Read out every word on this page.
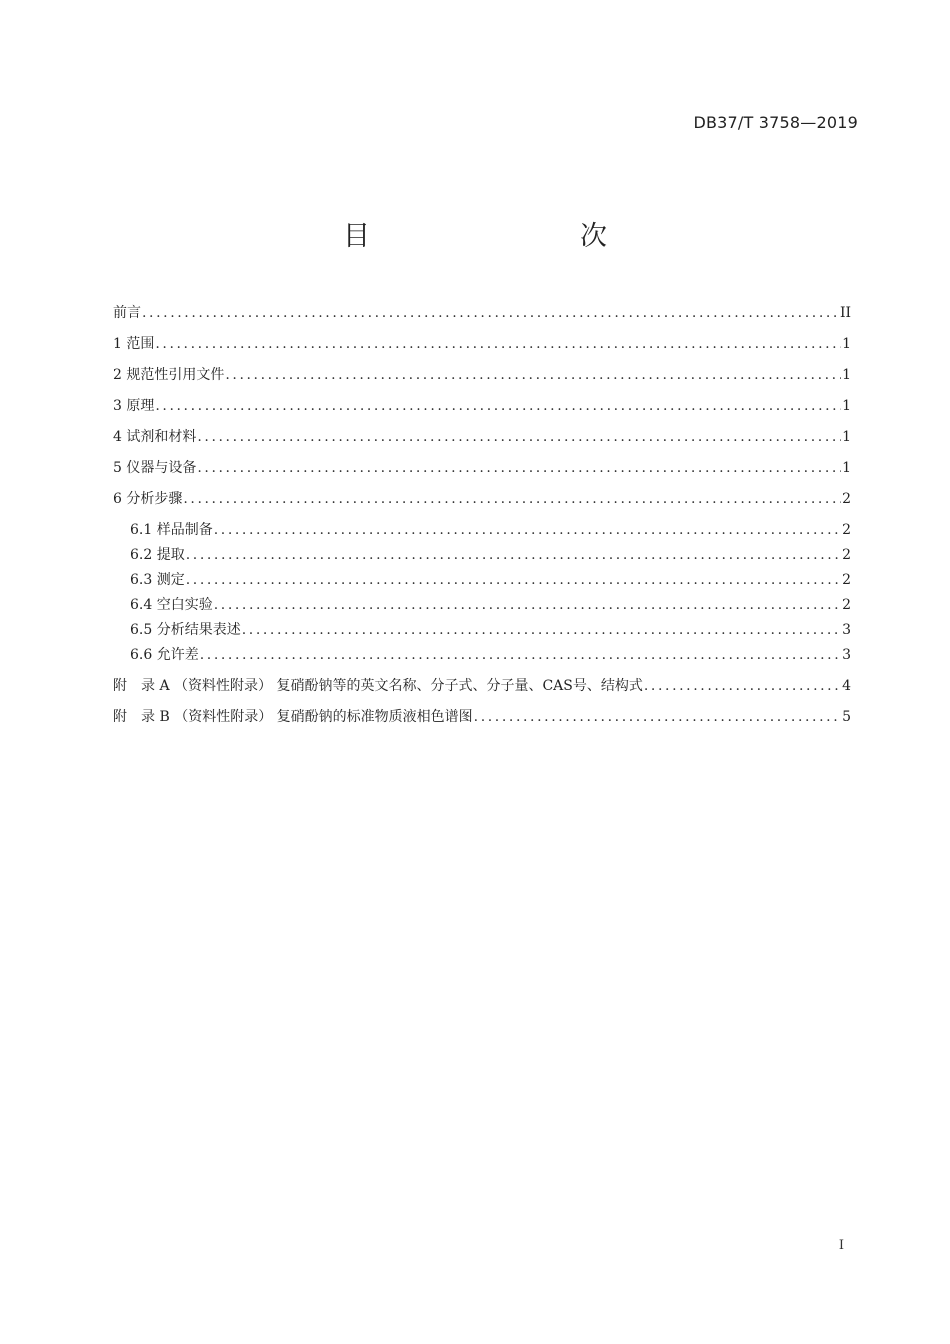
DB37/T 3758—2019
目　　次
前言 .....	II
1 范围 .....	1
2 规范性引用文件 .....	1
3 原理 .....	1
4 试剂和材料 .....	1
5 仪器与设备 .....	1
6 分析步骤 .....	2
6.1 样品制备 .....	2
6.2 提取 .....	2
6.3 测定 .....	2
6.4 空白实验 .....	2
6.5 分析结果表述 .....	3
6.6 允许差 .....	3
附　录 A （资料性附录） 复硝酚钠等的英文名称、分子式、分子量、CAS号、结构式 .....	4
附　录 B （资料性附录） 复硝酚钠的标准物质液相色谱图 .....	5
I
